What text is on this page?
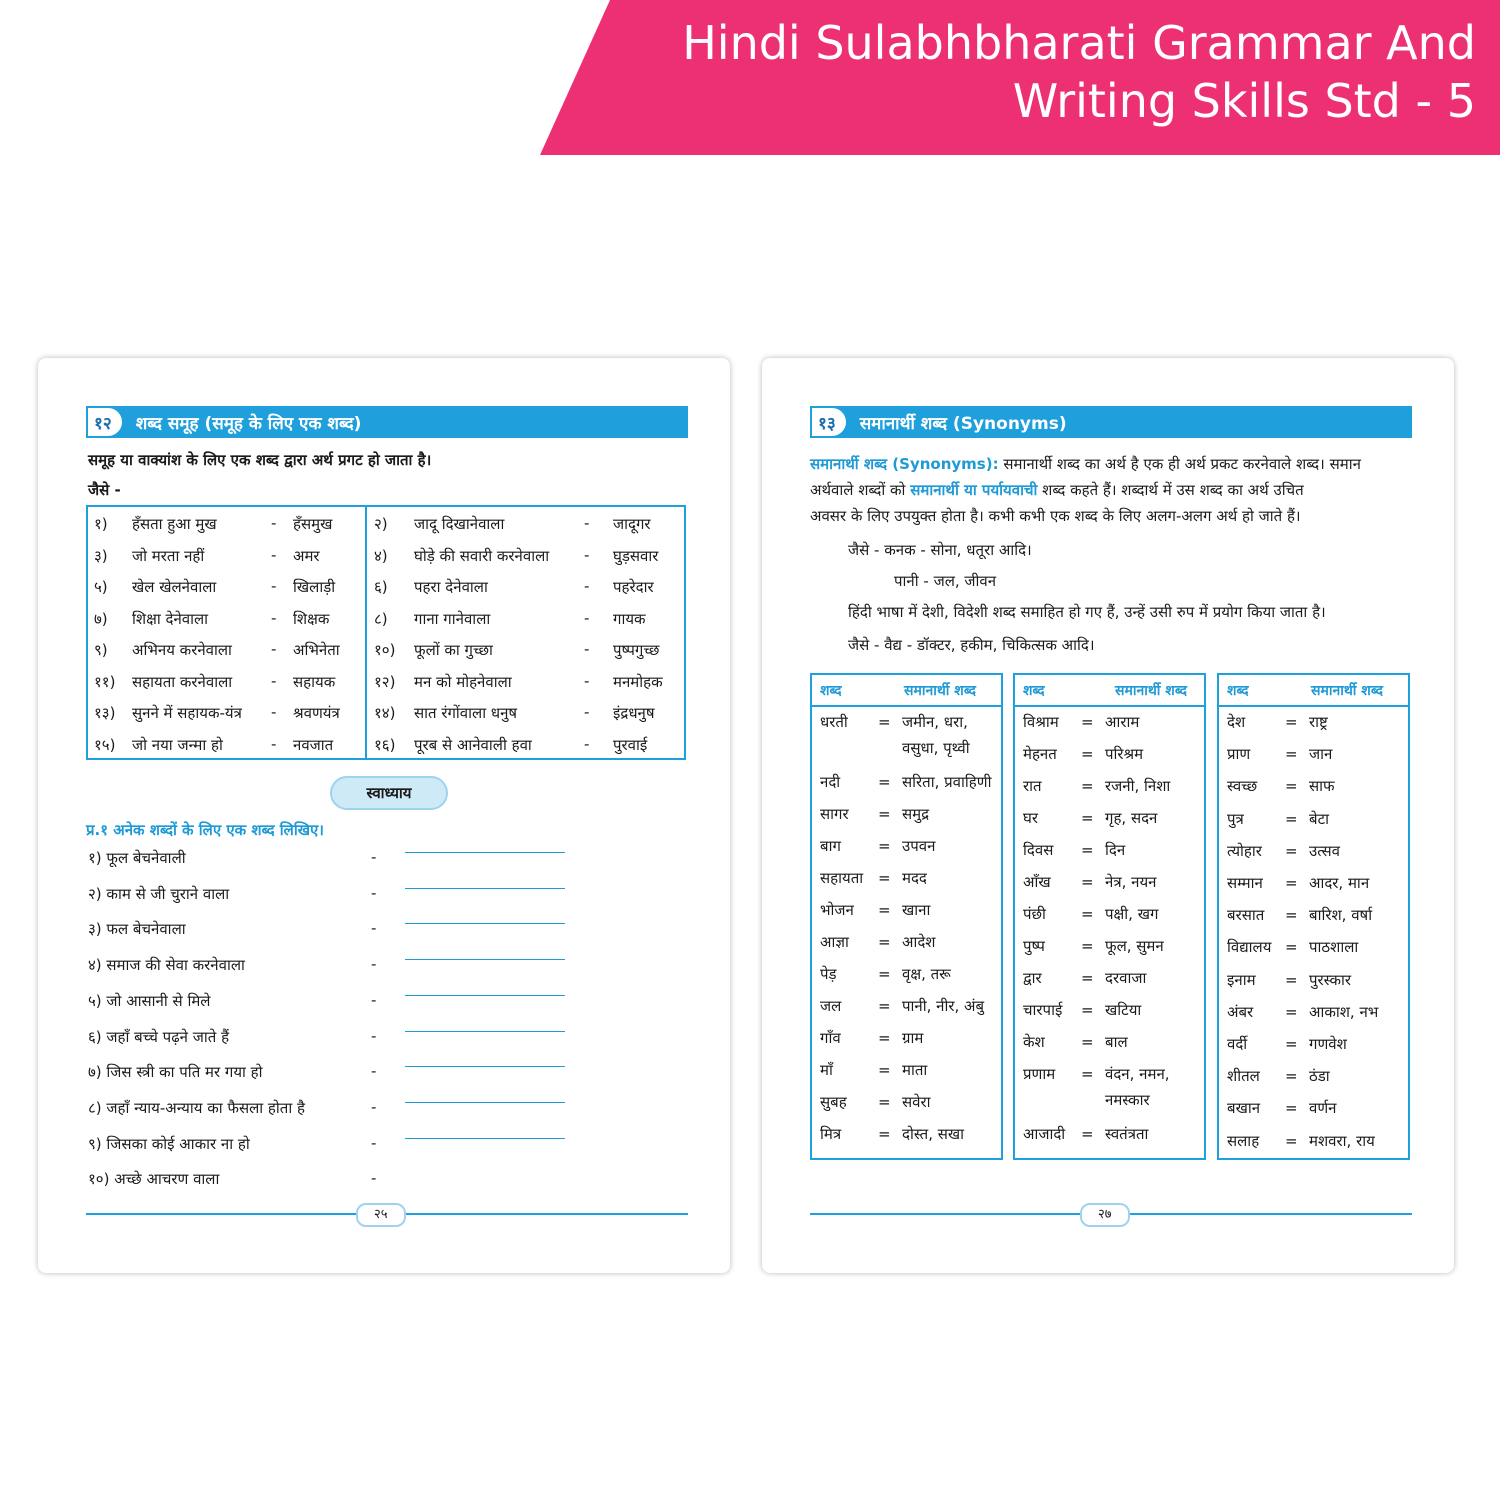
Hindi Sulabhbharati Grammar And Writing Skills Std - 5
१२	शब्द समूह (समूह के लिए एक शब्द)
समूह या वाक्यांश के लिए एक शब्द द्वारा अर्थ प्रगट हो जाता है।
जैसे -
१) हँसता हुआ मुख	- हँसमुख	२) जादू दिखानेवाला	- जादूगर
३) जो मरता नहीं	- अमर	४) घोड़े की सवारी करनेवाला - घुड़सवार
५) खेल खेलनेवाला	- खिलाड़ी	६) पहरा देनेवाला	- पहरेदार
७) शिक्षा देनेवाला	- शिक्षक	८) गाना गानेवाला	- गायक
९) अभिनय करनेवाला	- अभिनेता १०) फूलों का गुच्छा	- पुष्पगुच्छ
११) सहायता करनेवाला	- सहायक	१२) मन को मोहनेवाला	- मनमोहक
१३) सुनने में सहायक-यंत्र - श्रवणयंत्र १४) सात रंगोंवाला धनुष	- इंद्रधनुष
१५) जो नया जन्मा हो	- नवजात	१६) पूरब से आनेवाली हवा	- पुरवाई
स्वाध्याय
प्र.१ अनेक शब्दों के लिए एक शब्द लिखिए।
१) फूल बेचनेवाली	-
२) काम से जी चुराने वाला	-
३) फल बेचनेवाला	-
४) समाज की सेवा करनेवाला	-
५) जो आसानी से मिले	-
६) जहाँ बच्चे पढ़ने जाते हैं	-
७) जिस स्त्री का पति मर गया हो	-
८) जहाँ न्याय-अन्याय का फैसला होता है	-
९) जिसका कोई आकार ना हो	-
१०) अच्छे आचरण वाला	-
२५
१३	समानार्थी शब्द (Synonyms)
समानार्थी शब्द (Synonyms): समानार्थी शब्द का अर्थ है एक ही अर्थ प्रकट करनेवाले शब्द। समान
अर्थवाले शब्दों को समानार्थी या पर्यायवाची शब्द कहते हैं। शब्दार्थ में उस शब्द का अर्थ उचित
अवसर के लिए उपयुक्त होता है। कभी कभी एक शब्द के लिए अलग-अलग अर्थ हो जाते हैं।
जैसे - कनक - सोना, धतूरा आदि।
पानी - जल, जीवन
हिंदी भाषा में देशी, विदेशी शब्द समाहित हो गए हैं, उन्हें उसी रुप में प्रयोग किया जाता है।
जैसे - वैद्य - डॉक्टर, हकीम, चिकित्सक आदि।
शब्द	समानार्थी शब्द
धरती = जमीन, धरा, वसुधा, पृथ्वी
नदी	= सरिता, प्रवाहिणी
सागर = समुद्र
बाग = उपवन
सहायता = मदद
भोजन = खाना
आज्ञा = आदेश
पेड़	= वृक्ष, तरू
जल = पानी, नीर, अंबु
गाँव = ग्राम
माँ	= माता
सुबह = सवेरा
मित्र = दोस्त, सखा
शब्द	समानार्थी शब्द
विश्राम = आराम
मेहनत = परिश्रम
रात	= रजनी, निशा
घर	= गृह, सदन
दिवस = दिन
आँख = नेत्र, नयन
पंछी = पक्षी, खग
पुष्प = फूल, सुमन
द्वार	= दरवाजा
चारपाई = खटिया
केश = बाल
प्रणाम = वंदन, नमन, नमस्कार
आजादी = स्वतंत्रता
शब्द	समानार्थी शब्द
देश	= राष्ट्र
प्राण = जान
स्वच्छ = साफ
पुत्र	= बेटा
त्योहार = उत्सव
सम्मान = आदर, मान
बरसात = बारिश, वर्षा
विद्यालय = पाठशाला
इनाम = पुरस्कार
अंबर = आकाश, नभ
वर्दी	= गणवेश
शीतल = ठंडा
बखान = वर्णन
सलाह = मशवरा, राय
२७
